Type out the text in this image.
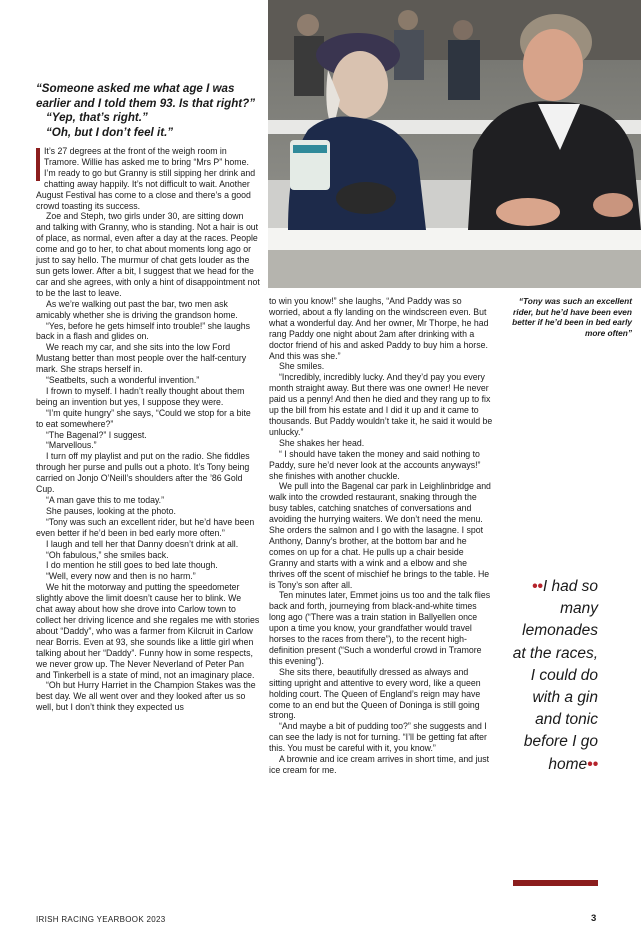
“Someone asked me what age I was earlier and I told them 93. Is that right?”

“Yep, that’s right.”

“Oh, but I don’t feel it.”

It’s 27 degrees at the front of the weigh room in Tramore. Willie has asked me to bring “Mrs P” home. I’m ready to go but Granny is still sipping her drink and chatting away happily. It’s not difficult to wait. Another August Festival has come to a close and there’s a good crowd toasting its success.

Zoe and Steph, two girls under 30, are sitting down and talking with Granny, who is standing. Not a hair is out of place, as normal, even after a day at the races. People come and go to her, to chat about moments long ago or just to say hello. The murmur of chat gets louder as the sun gets lower. After a bit, I suggest that we head for the car and she agrees, with only a hint of disappointment not to be the last to leave.

As we’re walking out past the bar, two men ask amicably whether she is driving the grandson home.

“Yes, before he gets himself into trouble!” she laughs back in a flash and glides on.

We reach my car, and she sits into the low Ford Mustang better than most people over the half-century mark. She straps herself in.

“Seatbelts, such a wonderful invention.”

I frown to myself. I hadn’t really thought about them being an invention but yes, I suppose they were.

“I’m quite hungry” she says, “Could we stop for a bite to eat somewhere?”

“The Bagenal?” I suggest.

“Marvellous.”

I turn off my playlist and put on the radio. She fiddles through her purse and pulls out a photo. It’s Tony being carried on Jonjo O’Neill’s shoulders after the ’86 Gold Cup.

“A man gave this to me today.”

She pauses, looking at the photo.

“Tony was such an excellent rider, but he’d have been even better if he’d been in bed early more often.”

I laugh and tell her that Danny doesn’t drink at all.

“Oh fabulous,” she smiles back.

I do mention he still goes to bed late though.

“Well, every now and then is no harm.”

We hit the motorway and putting the speedometer slightly above the limit doesn’t cause her to blink. We chat away about how she drove into Carlow town to collect her driving licence and she regales me with stories about “Daddy”, who was a farmer from Kilcruit in Carlow near Borris. Even at 93, she sounds like a little girl when talking about her “Daddy”. Funny how in some respects, we never grow up. The Never Neverland of Peter Pan and Tinkerbell is a state of mind, not an imaginary place.

“Oh but Hurry Harriet in the Champion Stakes was the best day. We all went over and they looked after us so well, but I don’t think they expected us

to win you know!” she laughs, “And Paddy was so worried, about a fly landing on the windscreen even. But what a wonderful day. And her owner, Mr Thorpe, he had rang Paddy one night about 2am after drinking with a doctor friend of his and asked Paddy to buy him a horse. And this was she.”

She smiles.

“Incredibly, incredibly lucky. And they’d pay you every month straight away. But there was one owner! He never paid us a penny! And then he died and they rang up to fix up the bill from his estate and I did it up and it came to thousands. But Paddy wouldn’t take it, he said it would be unlucky.”

She shakes her head.

“ I should have taken the money and said nothing to Paddy, sure he’d never look at the accounts anyways!” she finishes with another chuckle.

We pull into the Bagenal car park in Leighlinbridge and walk into the crowded restaurant, snaking through the busy tables, catching snatches of conversations and avoiding the hurrying waiters. We don’t need the menu. She orders the salmon and I go with the lasagne. I spot Anthony, Danny’s brother, at the bottom bar and he comes on up for a chat. He pulls up a chair beside Granny and starts with a wink and a elbow and she thrives off the scent of mischief he brings to the table. He is Tony’s son after all.

Ten minutes later, Emmet joins us too and the talk flies back and forth, journeying from black-and-white times long ago (“There was a train station in Ballyellen once upon a time you know, your grandfather would travel horses to the races from there”), to the recent high-definition present (“Such a wonderful crowd in Tramore this evening”).

She sits there, beautifully dressed as always and sitting upright and attentive to every word, like a queen holding court. The Queen of England’s reign may have come to an end but the Queen of Doninga is still going strong.

“And maybe a bit of pudding too?” she suggests and I can see the lady is not for turning. “I’ll be getting fat after this. You must be careful with it, you know.”

A brownie and ice cream arrives in short time, and just ice cream for me.

“Tony was such an excellent rider, but he’d have been even better if he’d been in bed early more often”
••I had so many lemonades at the races, I could do with a gin and tonic before I go home••
IRISH RACING YEARBOOK 2023	3
